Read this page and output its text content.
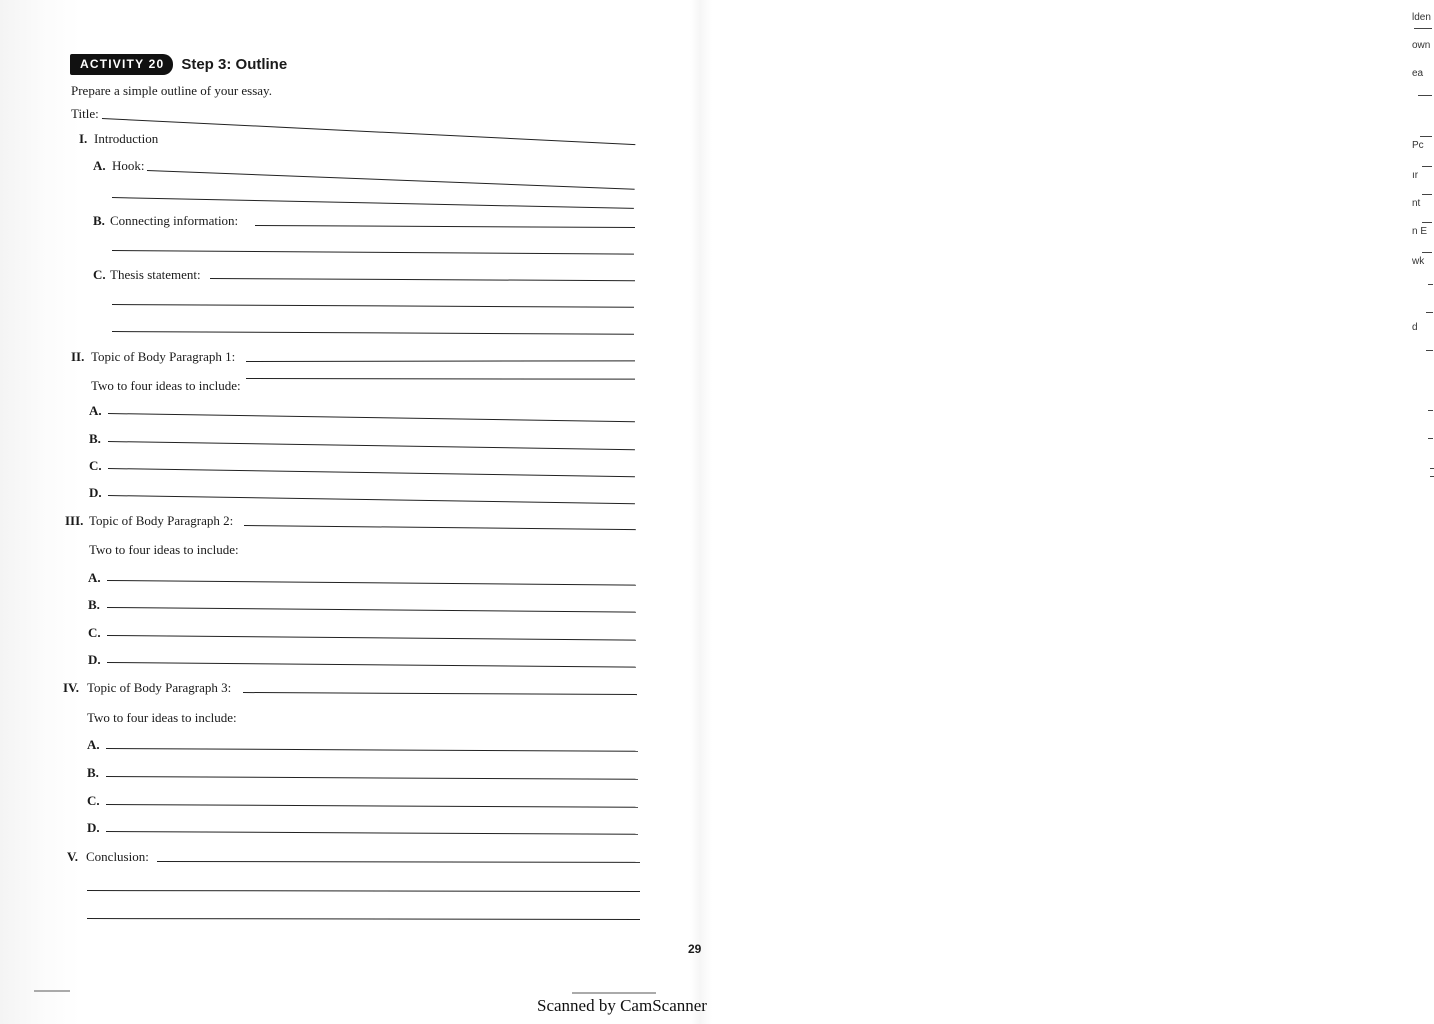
lden
own
ea
Pc
ır
nt
n E
wk
d
ACTIVITY 20	Step 3: Outline
Prepare a simple outline of your essay.
Title:
I. Introduction
A. Hook:
B. Connecting information:
C. Thesis statement:
II. Topic of Body Paragraph 1:
Two to four ideas to include:
A.
B.
C.
D.
III. Topic of Body Paragraph 2:
Two to four ideas to include:
A.
B.
C.
D.
IV. Topic of Body Paragraph 3:
Two to four ideas to include:
A.
B.
C.
D.
V. Conclusion:
29
Scanned by CamScanner
